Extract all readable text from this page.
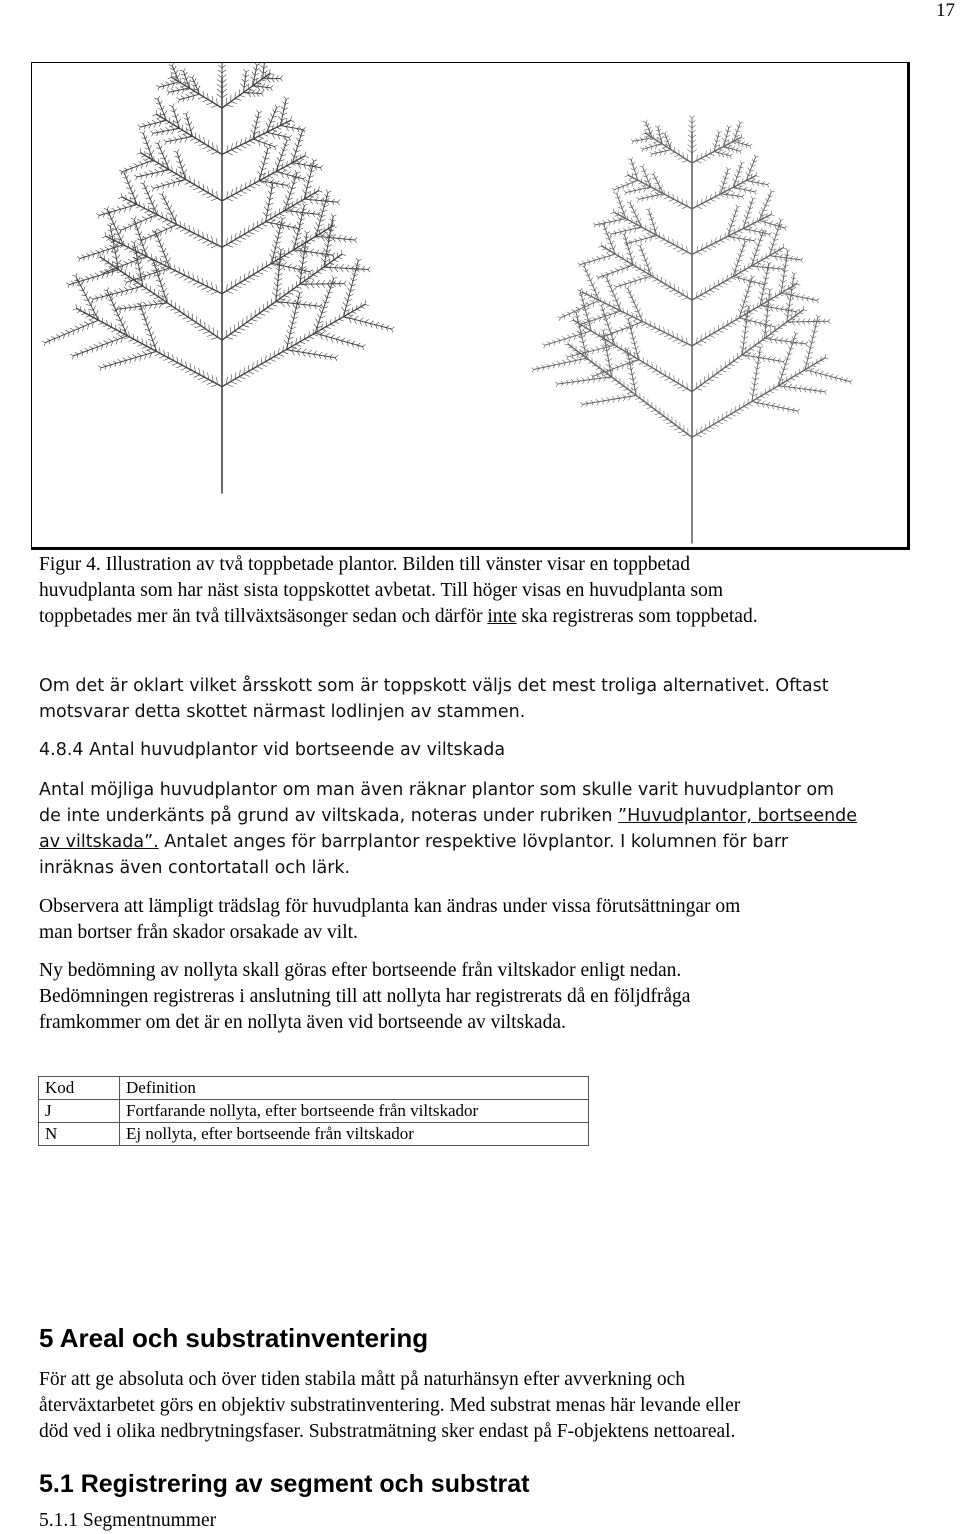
17
Figur 4. Illustration av två toppbetade plantor. Bilden till vänster visar en toppbetad
huvudplanta som har näst sista toppskottet avbetat. Till höger visas en huvudplanta som
toppbetades mer än två tillväxtsäsonger sedan och därför inte ska registreras som toppbetad.
Om det är oklart vilket årsskott som är toppskott väljs det mest troliga alternativet. Oftast
motsvarar detta skottet närmast lodlinjen av stammen.
4.8.4 Antal huvudplantor vid bortseende av viltskada
Antal möjliga huvudplantor om man även räknar plantor som skulle varit huvudplantor om
de inte underkänts på grund av viltskada, noteras under rubriken ”Huvudplantor, bortseende
av viltskada”. Antalet anges för barrplantor respektive lövplantor. I kolumnen för barr
inräknas även contortatall och lärk.
Observera att lämpligt trädslag för huvudplanta kan ändras under vissa förutsättningar om
man bortser från skador orsakade av vilt.
Ny bedömning av nollyta skall göras efter bortseende från viltskador enligt nedan.
Bedömningen registreras i anslutning till att nollyta har registrerats då en följdfråga
framkommer om det är en nollyta även vid bortseende av viltskada.
Kod	Definition
J	Fortfarande nollyta, efter bortseende från viltskador
N	Ej nollyta, efter bortseende från viltskador
5 Areal och substratinventering
För att ge absoluta och över tiden stabila mått på naturhänsyn efter avverkning och
återväxtarbetet görs en objektiv substratinventering. Med substrat menas här levande eller
död ved i olika nedbrytningsfaser. Substratmätning sker endast på F-objektens nettoareal.
5.1 Registrering av segment och substrat
5.1.1 Segmentnummer
